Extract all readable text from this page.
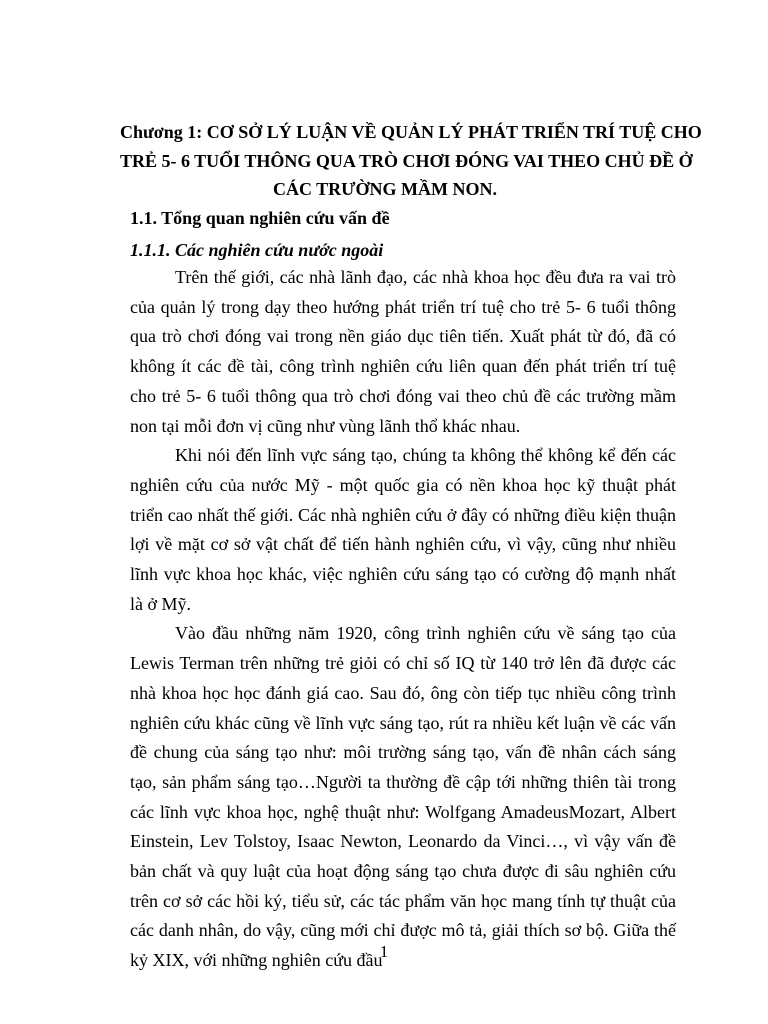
Chương 1: CƠ SỞ LÝ LUẬN VỀ QUẢN LÝ PHÁT TRIỂN TRÍ TUỆ CHO
TRẺ 5- 6 TUỔI THÔNG QUA TRÒ CHƠI ĐÓNG VAI THEO CHỦ ĐỀ Ở
CÁC TRƯỜNG MẦM NON.
1.1. Tổng quan nghiên cứu vấn đề
1.1.1. Các nghiên cứu nước ngoài

Trên thế giới, các nhà lãnh đạo, các nhà khoa học đều đưa ra vai trò của quản lý trong dạy theo hướng phát triển trí tuệ cho trẻ 5- 6 tuổi thông qua trò chơi đóng vai trong nền giáo dục tiên tiến. Xuất phát từ đó, đã có không ít các đề tài, công trình nghiên cứu liên quan đến phát triển trí tuệ cho trẻ 5- 6 tuổi thông qua trò chơi đóng vai theo chủ đề các trường mầm non tại mỗi đơn vị cũng như vùng lãnh thổ khác nhau.

Khi nói đến lĩnh vực sáng tạo, chúng ta không thể không kể đến các nghiên cứu của nước Mỹ - một quốc gia có nền khoa học kỹ thuật phát triển cao nhất thế giới. Các nhà nghiên cứu ở đây có những điều kiện thuận lợi về mặt cơ sở vật chất để tiến hành nghiên cứu, vì vậy, cũng như nhiều lĩnh vực khoa học khác, việc nghiên cứu sáng tạo có cường độ mạnh nhất là ở Mỹ.

Vào đầu những năm 1920, công trình nghiên cứu về sáng tạo của Lewis Terman trên những trẻ giỏi có chỉ số IQ từ 140 trở lên đã được các nhà khoa học học đánh giá cao. Sau đó, ông còn tiếp tục nhiều công trình nghiên cứu khác cũng về lĩnh vực sáng tạo, rút ra nhiều kết luận về các vấn đề chung của sáng tạo như: môi trường sáng tạo, vấn đề nhân cách sáng tạo, sản phẩm sáng tạo…Người ta thường đề cập tới những thiên tài trong các lĩnh vực khoa học, nghệ thuật như: Wolfgang AmadeusMozart, Albert Einstein, Lev Tolstoy, Isaac Newton, Leonardo da Vinci…, vì vậy vấn đề bản chất và quy luật của hoạt động sáng tạo chưa được đi sâu nghiên cứu trên cơ sở các hồi ký, tiểu sử, các tác phẩm văn học mang tính tự thuật của các danh nhân, do vậy, cũng mới chỉ được mô tả, giải thích sơ bộ. Giữa thế kỷ XIX, với những nghiên cứu đầu

1
